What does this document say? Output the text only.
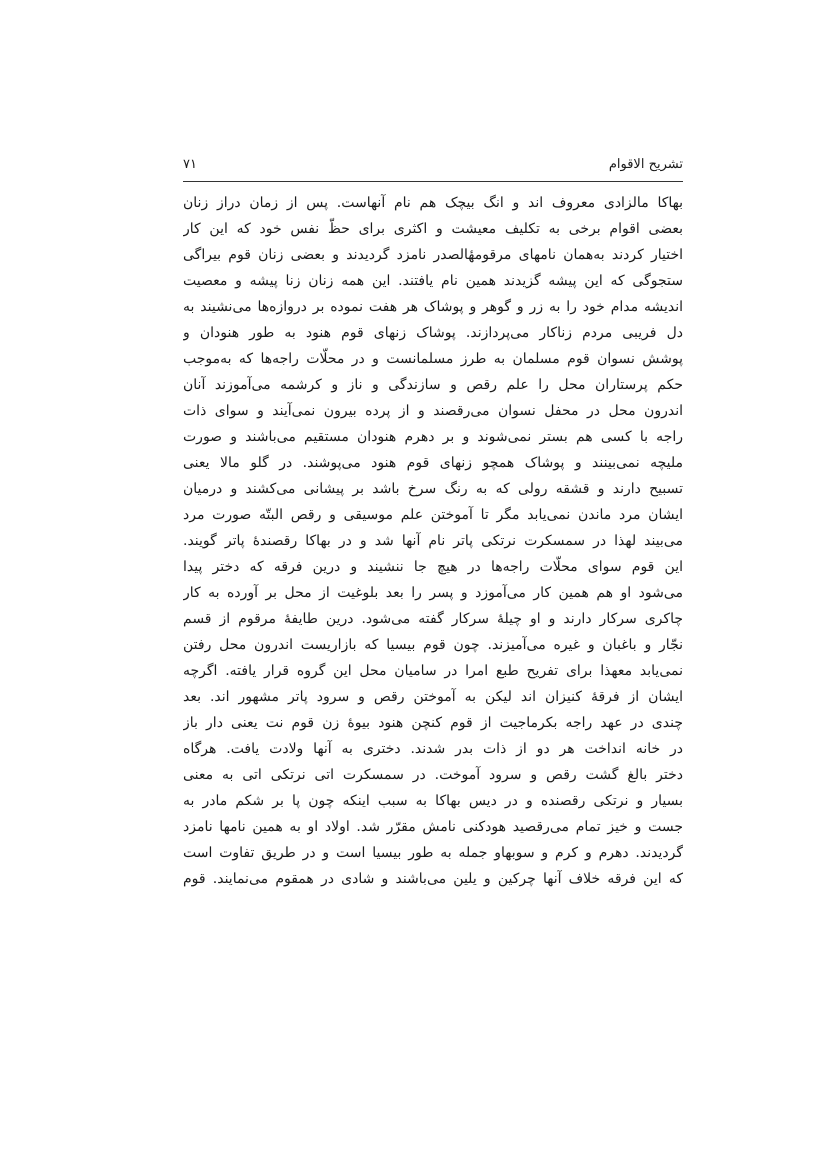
تشریح الاقوام
۷۱
بهاکا مالزادی معروف اند و انگ بیچک هم نام آنهاست. پس از زمان دراز زنان
بعضی اقوام برخی به تکلیف معیشت و اکثری برای حظّ نفس خود که این کار
اختیار کردند به‌همان نامهای مرقومهٔالصدر نامزد گردیدند و بعضی زنان قوم بیراگی
ستجوگی که این پیشه گزیدند همین نام یافتند. این همه زنان زنا پیشه و معصیت
اندیشه مدام خود را به زر و گوهر و پوشاک هر هفت نموده بر دروازه‌ها می‌نشیند به
دل فریبی مردم زناکار می‌پردازند. پوشاک زنهای قوم هنود به طور هنودان و
پوشش نسوان قوم مسلمان به طرز مسلمانست و در محلّات راجه‌ها که به‌موجب
حکم پرستاران محل را علم رقص و سازندگی و ناز و کرشمه می‌آموزند آنان
اندرون محل در محفل نسوان می‌رقصند و از پرده بیرون نمی‌آیند و سوای ذات
راجه با کسی هم بستر نمی‌شوند و بر دهرم هنودان مستقیم می‌باشند و صورت
ملیچه نمی‌بینند و پوشاک همچو زنهای قوم هنود می‌پوشند. در گلو مالا یعنی
تسبیح دارند و قشقه رولی که به رنگ سرخ باشد بر پیشانی می‌کشند و درمیان
ایشان مرد ماندن نمی‌یابد مگر تا آموختن علم موسیقی و رقص البتّه صورت مرد
می‌بیند لهذا در سمسکرت نرتکی پاتر نام آنها شد و در بهاکا رقصندهٔ پاتر گویند.
این قوم سوای محلّات راجه‌ها در هیچ جا ننشیند و درین فرقه که دختر پیدا
می‌شود او هم همین کار می‌آموزد و پسر را بعد بلوغیت از محل بر آورده به کار
چاکری سرکار دارند و او چیلهٔ سرکار گفته می‌شود. درین طایفهٔ مرقوم از قسم
نجّار و باغبان و غیره می‌آمیزند. چون قوم بیسیا که بازاریست اندرون محل رفتن
نمی‌یابد معهذا برای تفریح طبع امرا در سامیان محل این گروه قرار یافته. اگرچه
ایشان از فرقهٔ کنیزان اند لیکن به آموختن رقص و سرود پاتر مشهور اند. بعد
چندی در عهد راجه بکرماجیت از قوم کنچن هنود بیوهٔ زن قوم نت یعنی دار باز
در خانه انداخت هر دو از ذات بدر شدند. دختری به آنها ولادت یافت. هرگاه
دختر بالغ گشت رقص و سرود آموخت. در سمسکرت اتی نرتکی اتی به معنی
بسیار و نرتکی رقصنده و در دیس بهاکا به سبب اینکه چون پا بر شکم مادر به
جست و خیز تمام می‌رقصید هودکنی نامش مقرّر شد. اولاد او به همین نامها نامزد
گردیدند. دهرم و کرم و سوبهاو جمله به طور بیسیا است و در طریق تفاوت است
که این فرقه خلاف آنها چرکین و یلین می‌باشند و شادی در همقوم می‌نمایند. قوم
